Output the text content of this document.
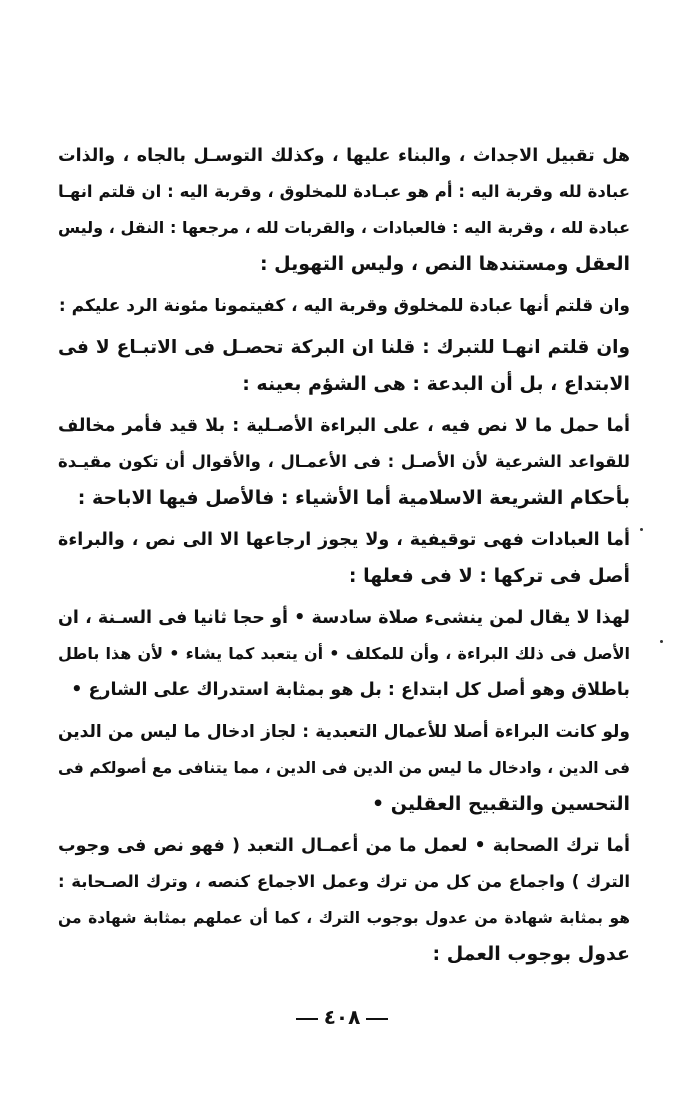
هل تقبيل الاجداث ، والبناء عليها ، وكذلك التوسـل بالجاه ، والذات
عبادة لله وقربة اليه : أم هو عبـادة للمخلوق ، وقربة اليه : ان قلتم انهـا
عبادة لله ، وقربة اليه : فالعبادات ، والقربات لله ، مرجعها : النقل ، وليس
العقل ومستندها النص ، وليس التهويل :
وان قلتم أنها عبادة للمخلوق وقربة اليه ، كفيتمونا مئونة الرد عليكم :
وان قلتم انهـا للتبرك : قلنا ان البركة تحصـل فى الاتبـاع لا فى
الابتداع ، بل أن البدعة : هى الشؤم بعينه :
أما حمل ما لا نص فيه ، على البراءة الأصـلية : بلا قيد فأمر مخالف
للقواعد الشرعية لأن الأصـل : فى الأعمـال ، والأقوال أن تكون مقيـدة
بأحكام الشريعة الاسلامية أما الأشياء : فالأصل فيها الاباحة :
أما العبادات فهى توقيفية ، ولا يجوز ارجاعها الا الى نص ، والبراءة
أصل فى تركها : لا فى فعلها :
لهذا لا يقال لمن ينشىء صلاة سادسة • أو حجا ثانيا فى السـنة ، ان
الأصل فى ذلك البراءة ، وأن للمكلف • أن يتعبد كما يشاء • لأن هذا باطل
باطلاق وهو أصل كل ابتداع : بل هو بمثابة استدراك على الشارع •
ولو كانت البراءة أصلا للأعمال التعبدية : لجاز ادخال ما ليس من الدين
فى الدين ، وادخال ما ليس من الدين فى الدين ، مما يتنافى مع أصولكم فى
التحسين والتقبيح العقلين •
أما ترك الصحابة • لعمل ما من أعمـال التعبد ( فهو نص فى وجوب
الترك ) واجماع من كل من ترك وعمل الاجماع كنصه ، وترك الصـحابة :
هو بمثابة شهادة من عدول بوجوب الترك ، كما أن عملهم بمثابة شهادة من
عدول بوجوب العمل :
٤٠٨
